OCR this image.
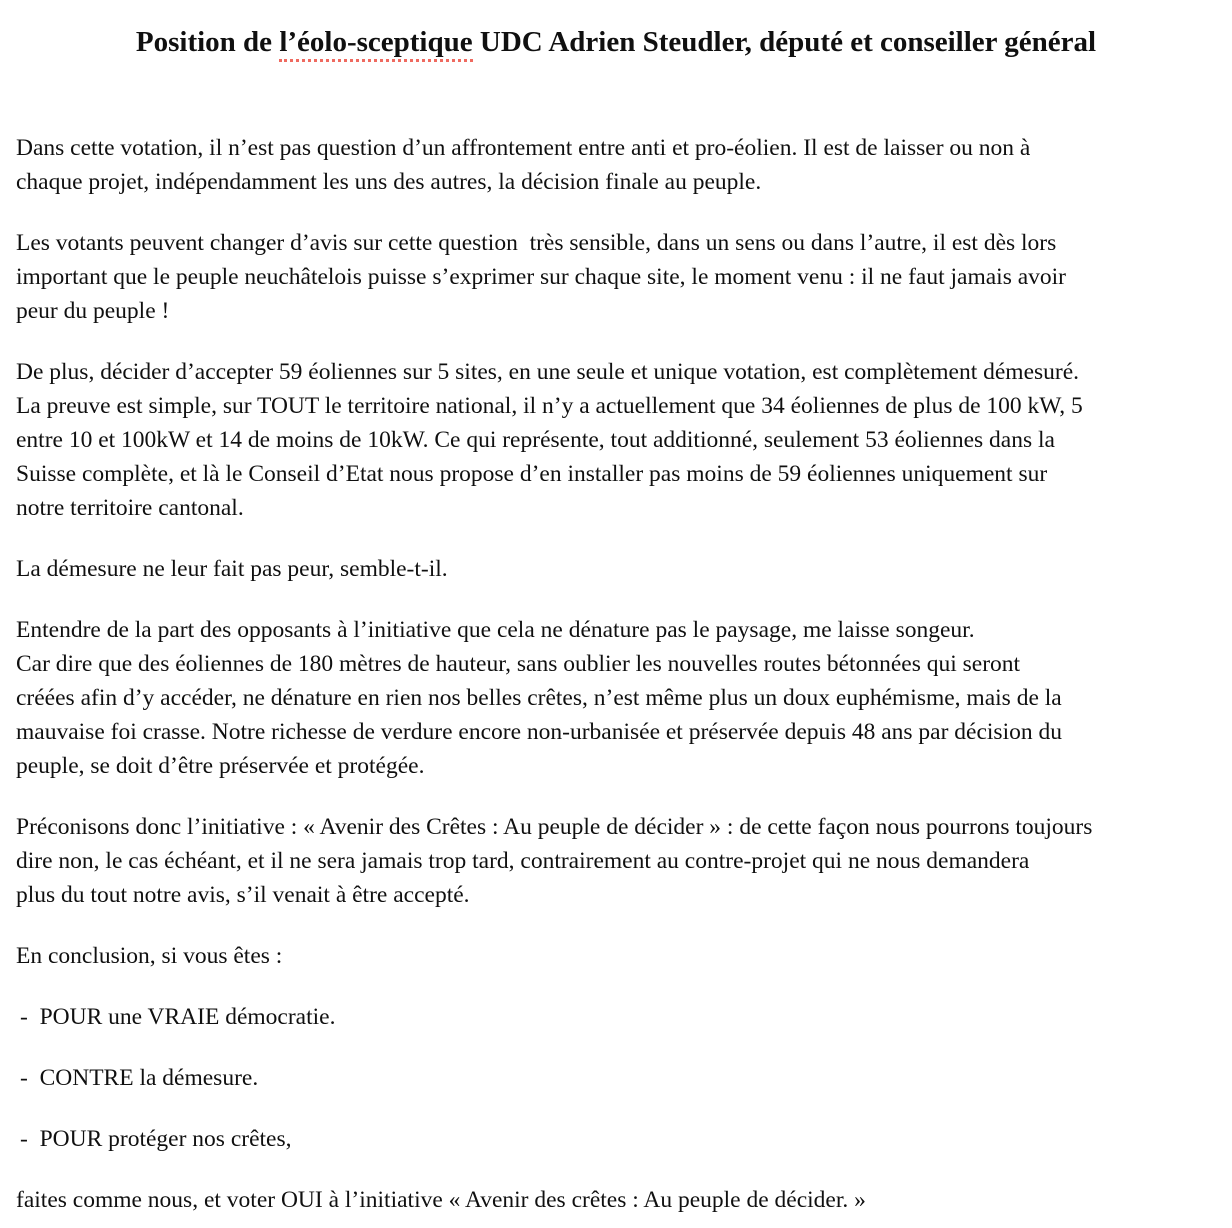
Position de l’éolo-sceptique UDC Adrien Steudler, député et conseiller général
Dans cette votation, il n’est pas question d’un affrontement entre anti et pro-éolien. Il est de laisser ou non à
chaque projet, indépendamment les uns des autres, la décision finale au peuple.
Les votants peuvent changer d’avis sur cette question  très sensible, dans un sens ou dans l’autre, il est dès lors
important que le peuple neuchâtelois puisse s’exprimer sur chaque site, le moment venu : il ne faut jamais avoir
peur du peuple !
De plus, décider d’accepter 59 éoliennes sur 5 sites, en une seule et unique votation, est complètement démesuré.
La preuve est simple, sur TOUT le territoire national, il n’y a actuellement que 34 éoliennes de plus de 100 kW, 5
entre 10 et 100kW et 14 de moins de 10kW. Ce qui représente, tout additionné, seulement 53 éoliennes dans la
Suisse complète, et là le Conseil d’Etat nous propose d’en installer pas moins de 59 éoliennes uniquement sur
notre territoire cantonal.
La démesure ne leur fait pas peur, semble-t-il.
Entendre de la part des opposants à l’initiative que cela ne dénature pas le paysage, me laisse songeur.
Car dire que des éoliennes de 180 mètres de hauteur, sans oublier les nouvelles routes bétonnées qui seront
créées afin d’y accéder, ne dénature en rien nos belles crêtes, n’est même plus un doux euphémisme, mais de la
mauvaise foi crasse. Notre richesse de verdure encore non-urbanisée et préservée depuis 48 ans par décision du
peuple, se doit d’être préservée et protégée.
Préconisons donc l’initiative : « Avenir des Crêtes : Au peuple de décider » : de cette façon nous pourrons toujours
dire non, le cas échéant, et il ne sera jamais trop tard, contrairement au contre-projet qui ne nous demandera
plus du tout notre avis, s’il venait à être accepté.
En conclusion, si vous êtes :
-  POUR une VRAIE démocratie.
-  CONTRE la démesure.
-  POUR protéger nos crêtes,
faites comme nous, et voter OUI à l’initiative « Avenir des crêtes : Au peuple de décider. »
